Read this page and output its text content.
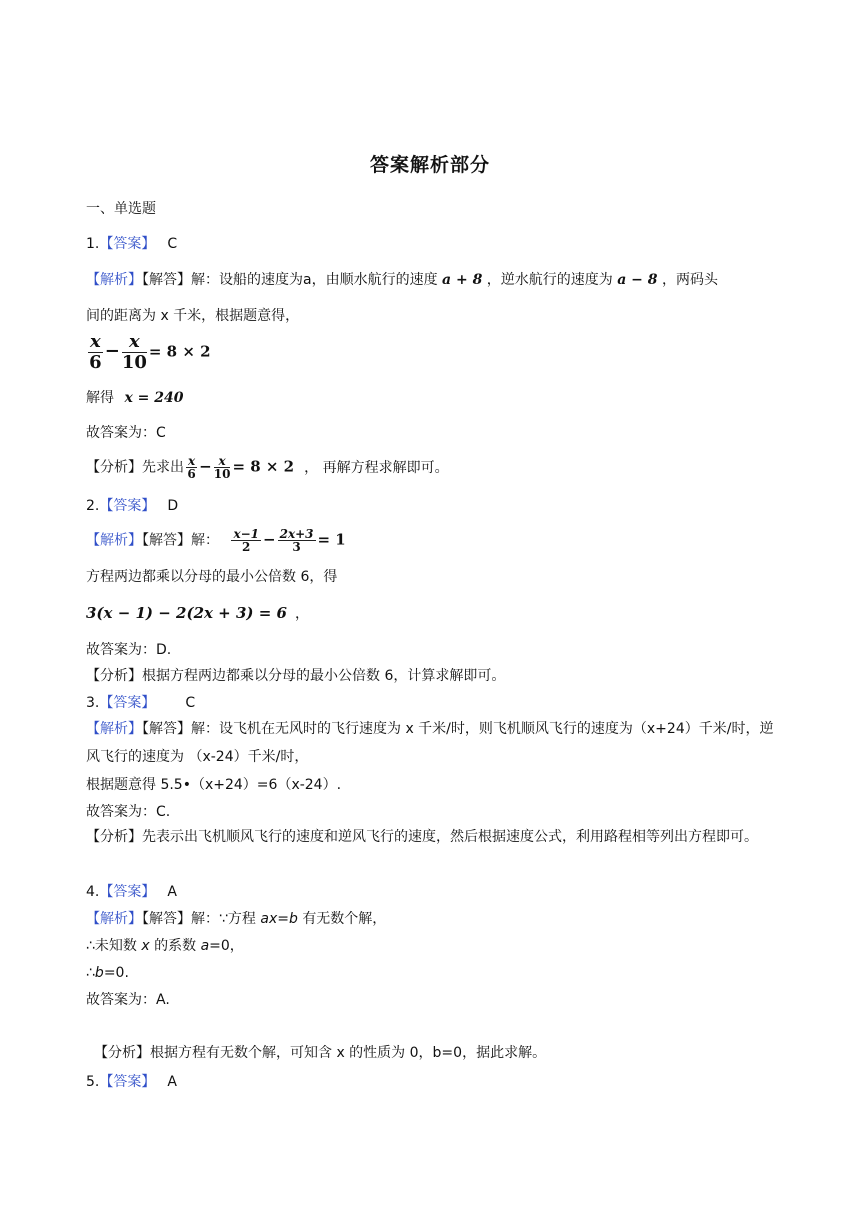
答案解析部分
一、单选题
1.【答案】 C
【解析】【解答】解：设船的速度为a，由顺水航行的速度 a + 8 ，逆水航行的速度为 a − 8 ，两码头
间的距离为 x 千米，根据题意得，
$\frac{x}{6} - \frac{x}{10} = 8 \times 2$
解得 x = 240
故答案为：C
【分析】先求出 $\frac{x}{6} - \frac{x}{10} = 8 \times 2$ ， 再解方程求解即可。
2.【答案】 D
【解析】【解答】解： $\frac{x-1}{2} - \frac{2x+3}{3} = 1$
方程两边都乘以分母的最小公倍数 6，得
3(x − 1) − 2(2x + 3) = 6 ，
故答案为：D.
【分析】根据方程两边都乘以分母的最小公倍数 6，计算求解即可。
3.【答案】 C
【解析】【解答】解：设飞机在无风时的飞行速度为 x 千米/时，则飞机顺风飞行的速度为（x+24）千米/时，逆风飞行的速度为 （x-24）千米/时，
根据题意得 5.5•（x+24）=6（x-24）.
故答案为：C.
【分析】先表示出飞机顺风飞行的速度和逆风飞行的速度，然后根据速度公式，利用路程相等列出方程即可。
4.【答案】 A
【解析】【解答】解：∵方程 ax=b 有无数个解，
∴未知数 x 的系数 a=0，
∴b=0.
故答案为：A.
【分析】根据方程有无数个解，可知含 x 的性质为 0，b=0，据此求解。
5.【答案】 A
